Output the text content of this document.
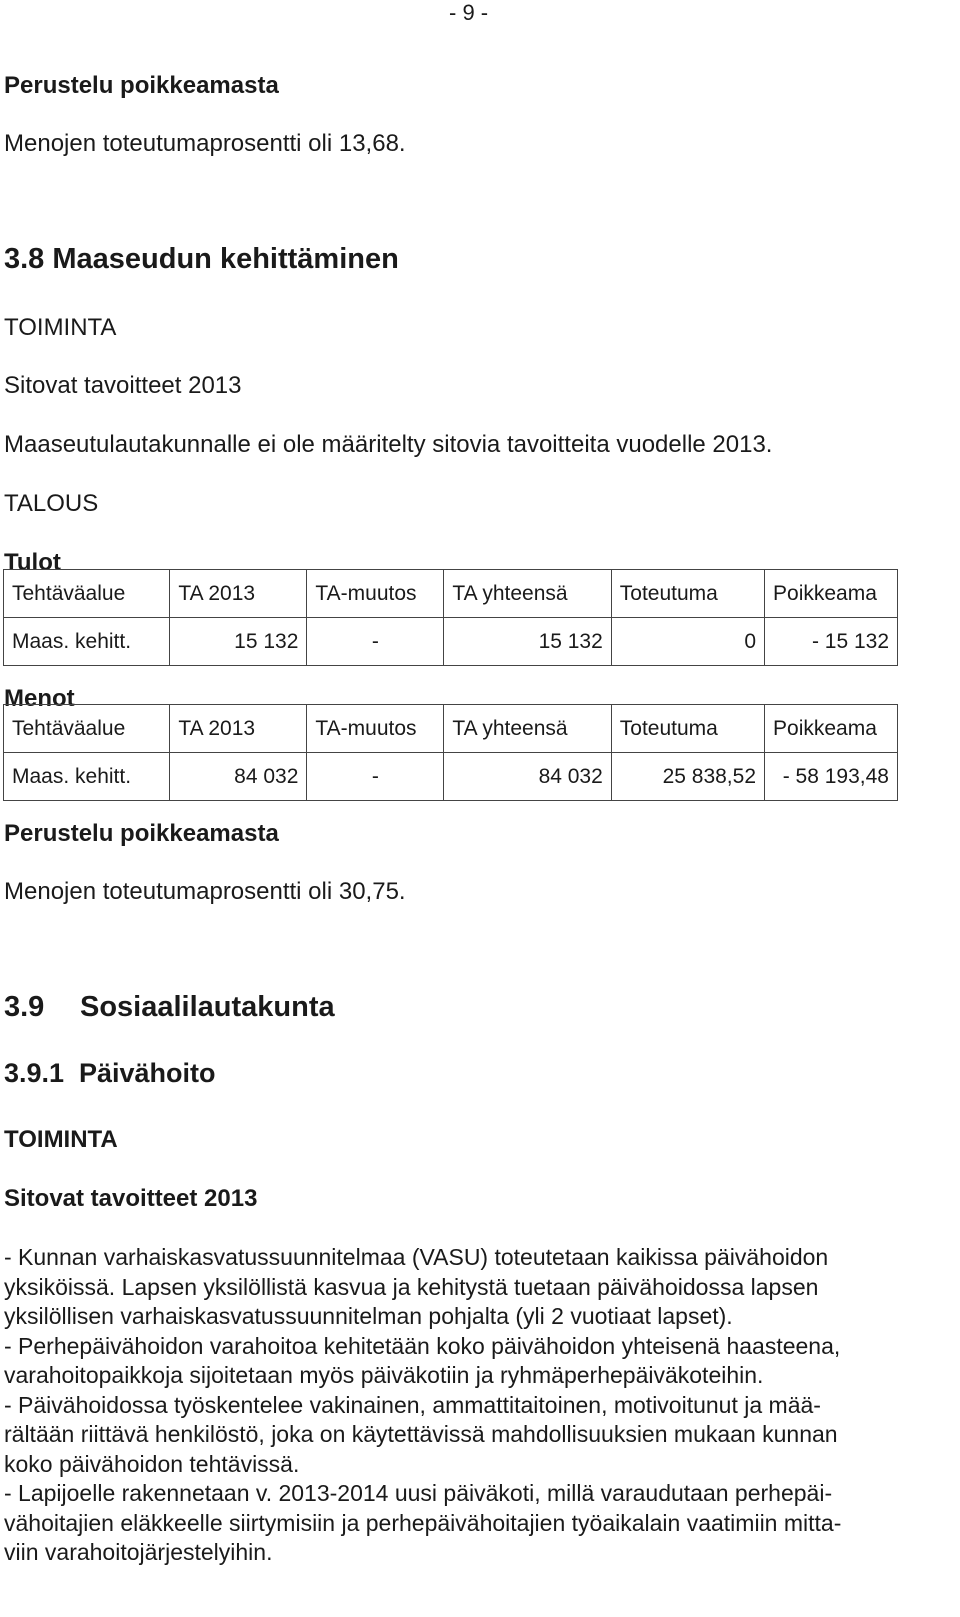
- 9 -
Perustelu poikkeamasta
Menojen toteutumaprosentti oli 13,68.
3.8 Maaseudun kehittäminen
TOIMINTA
Sitovat tavoitteet 2013
Maaseutulautakunnalle ei ole määritelty sitovia tavoitteita vuodelle 2013.
TALOUS
Tulot
Tehtäväalue	TA 2013	TA-muutos	TA yhteensä	Toteutuma	Poikkeama
Maas. kehitt.	15 132	-	15 132	0	- 15 132
Menot
Tehtäväalue	TA 2013	TA-muutos	TA yhteensä	Toteutuma	Poikkeama
Maas. kehitt.	84 032	-	84 032	25 838,52	- 58 193,48
Perustelu poikkeamasta
Menojen toteutumaprosentti oli 30,75.
3.9 Sosiaalilautakunta
3.9.1 Päivähoito
TOIMINTA
Sitovat tavoitteet 2013
- Kunnan varhaiskasvatussuunnitelmaa (VASU) toteutetaan kaikissa päivähoidon
yksiköissä. Lapsen yksilöllistä kasvua ja kehitystä tuetaan päivähoidossa lapsen
yksilöllisen varhaiskasvatussuunnitelman pohjalta (yli 2 vuotiaat lapset).
- Perhepäivähoidon varahoitoa kehitetään koko päivähoidon yhteisenä haasteena,
varahoitopaikkoja sijoitetaan myös päiväkotiin ja ryhmäperhepäiväkoteihin.
- Päivähoidossa työskentelee vakinainen, ammattitaitoinen, motivoitunut ja mää-
rältään riittävä henkilöstö, joka on käytettävissä mahdollisuuksien mukaan kunnan
koko päivähoidon tehtävissä.
- Lapijoelle rakennetaan v. 2013-2014 uusi päiväkoti, millä varaudutaan perhepäi-
vähoitajien eläkkeelle siirtymisiin ja perhepäivähoitajien työaikalain vaatimiin mitta-
viin varahoitojärjestelyihin.
